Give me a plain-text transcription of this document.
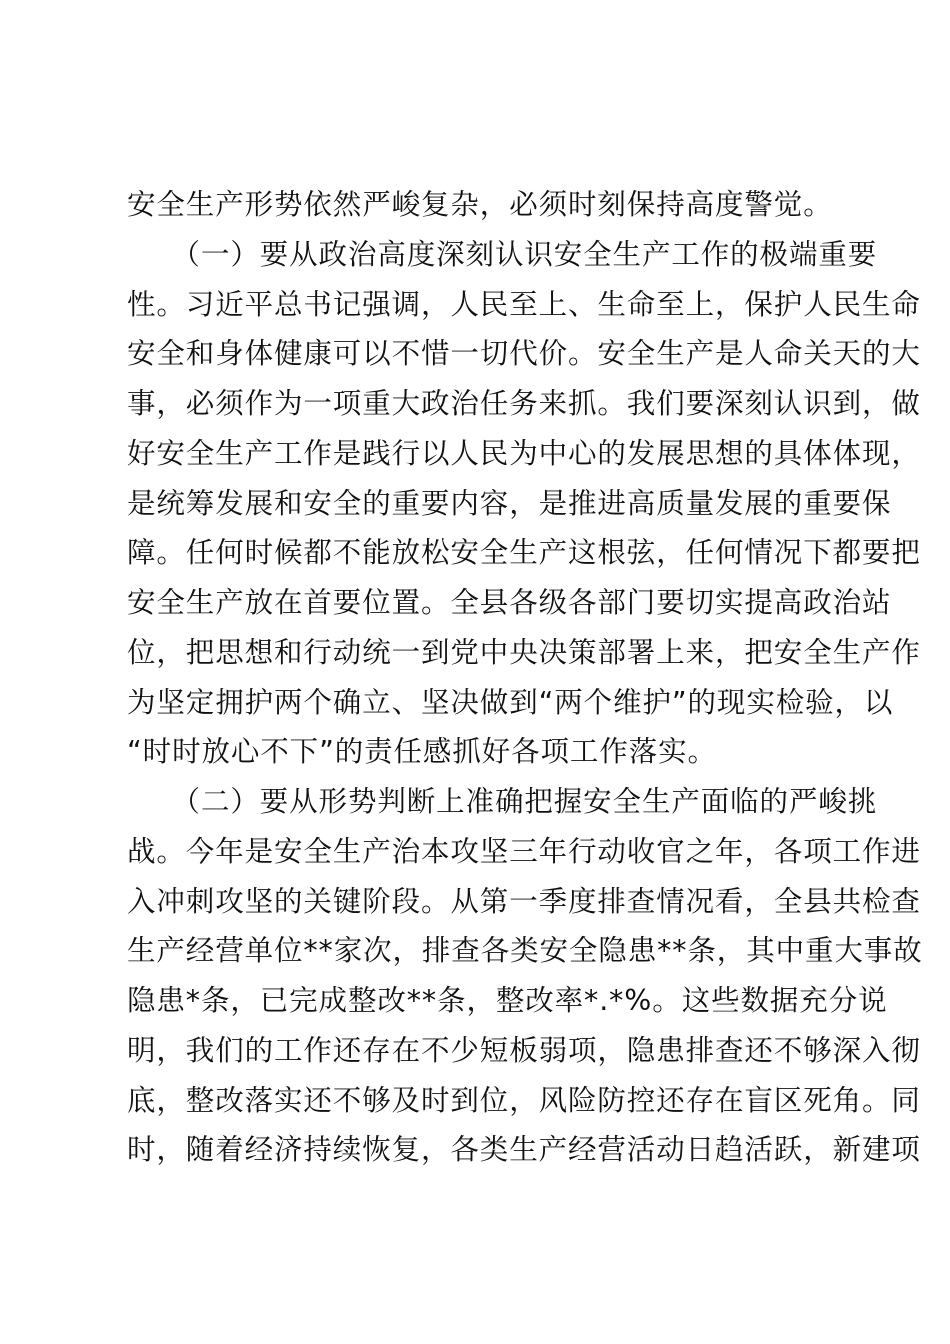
安全生产形势依然严峻复杂，必须时刻保持高度警觉。
　　（一）要从政治高度深刻认识安全生产工作的极端重要
性。习近平总书记强调，人民至上、生命至上，保护人民生命
安全和身体健康可以不惜一切代价。安全生产是人命关天的大
事，必须作为一项重大政治任务来抓。我们要深刻认识到，做
好安全生产工作是践行以人民为中心的发展思想的具体体现，
是统筹发展和安全的重要内容，是推进高质量发展的重要保
障。任何时候都不能放松安全生产这根弦，任何情况下都要把
安全生产放在首要位置。全县各级各部门要切实提高政治站
位，把思想和行动统一到党中央决策部署上来，把安全生产作
为坚定拥护两个确立、坚决做到“两个维护”的现实检验，以
“时时放心不下”的责任感抓好各项工作落实。
　　（二）要从形势判断上准确把握安全生产面临的严峻挑
战。今年是安全生产治本攻坚三年行动收官之年，各项工作进
入冲刺攻坚的关键阶段。从第一季度排查情况看，全县共检查
生产经营单位**家次，排查各类安全隐患**条，其中重大事故
隐患*条，已完成整改**条，整改率*.*%。这些数据充分说
明，我们的工作还存在不少短板弱项，隐患排查还不够深入彻
底，整改落实还不够及时到位，风险防控还存在盲区死角。同
时，随着经济持续恢复，各类生产经营活动日趋活跃，新建项
